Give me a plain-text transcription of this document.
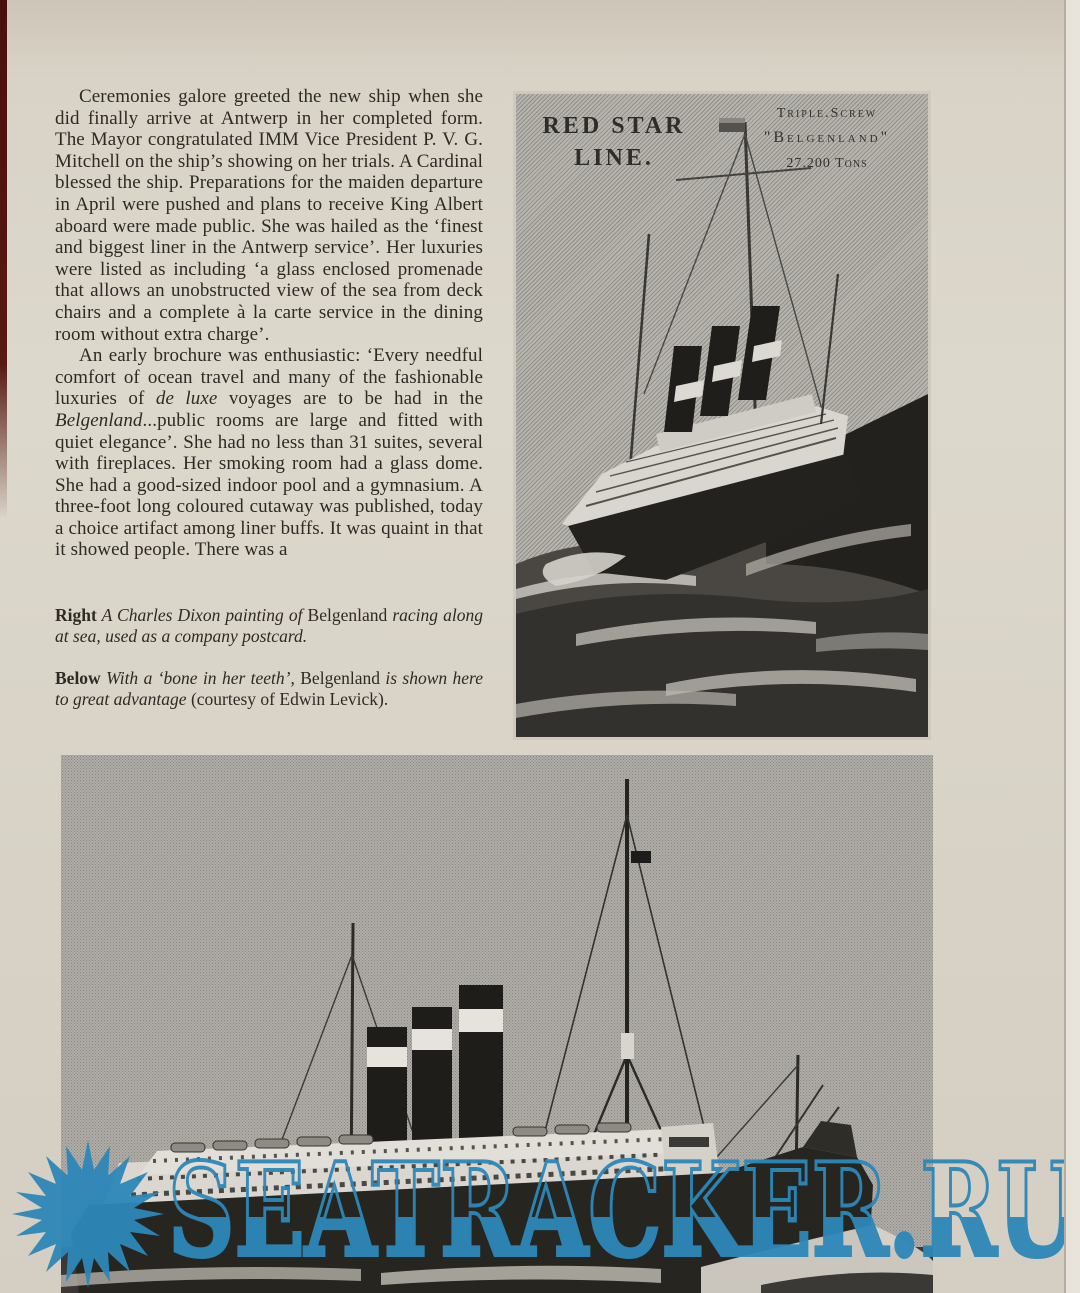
Ceremonies galore greeted the new ship when she did finally arrive at Antwerp in her completed form. The Mayor congratulated IMM Vice President P. V. G. Mitchell on the ship’s showing on her trials. A Cardinal blessed the ship. Preparations for the maiden departure in April were pushed and plans to receive King Albert aboard were made public. She was hailed as the ‘finest and biggest liner in the Antwerp service’. Her luxuries were listed as including ‘a glass enclosed promenade that allows an unobstructed view of the sea from deck chairs and a complete à la carte service in the dining room without extra charge’.

An early brochure was enthusiastic: ‘Every needful comfort of ocean travel and many of the fashionable luxuries of de luxe voyages are to be had in the Belgenland...public rooms are large and fitted with quiet elegance’. She had no less than 31 suites, several with fireplaces. Her smoking room had a glass dome. She had a good-sized indoor pool and a gymnasium. A three-foot long coloured cutaway was published, today a choice artifact among liner buffs. It was quaint in that it showed people. There was a

Right A Charles Dixon painting of Belgenland racing along at sea, used as a company postcard.

Below With a ‘bone in her teeth’, Belgenland is shown here to great advantage (courtesy of Edwin Levick).

RED STAR
LINE.
Triple.Screw
"Belgenland"
27.200 Tons
